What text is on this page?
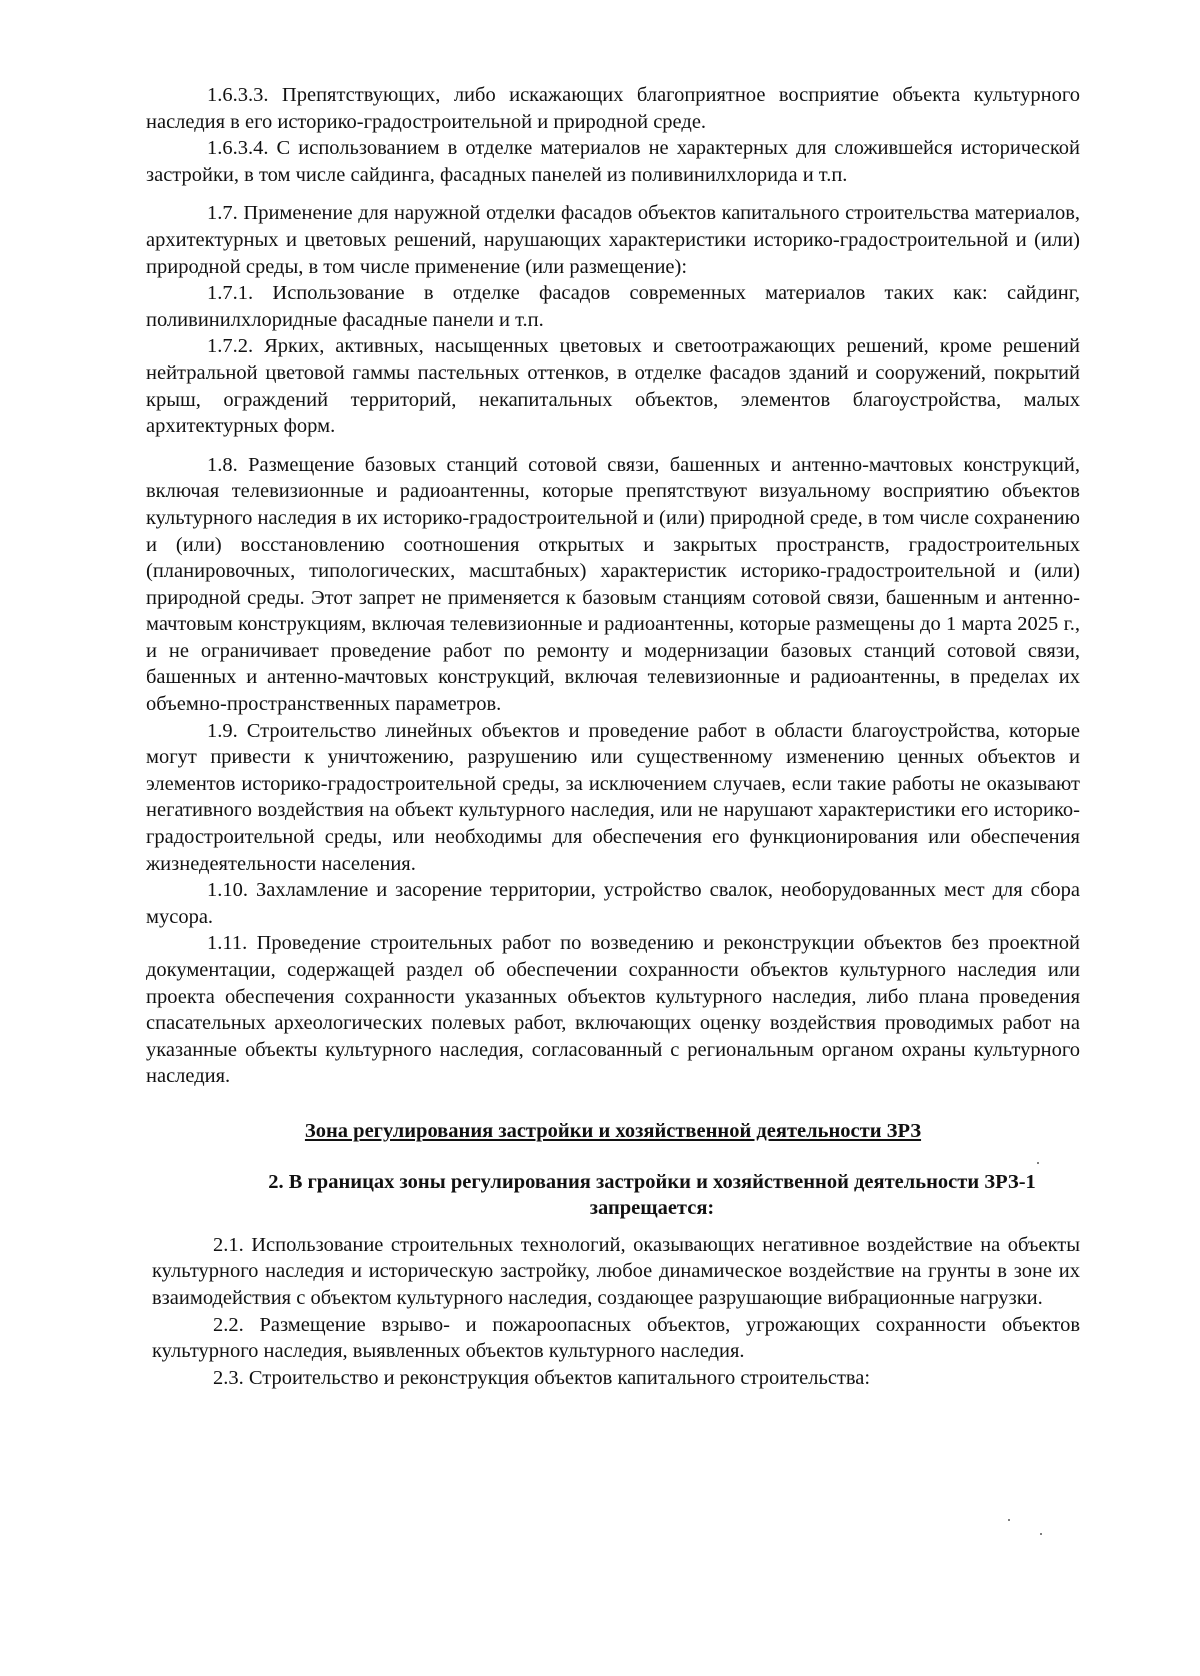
1.6.3.3. Препятствующих, либо искажающих благоприятное восприятие объекта культурного наследия в его историко-градостроительной и природной среде.

1.6.3.4. С использованием в отделке материалов не характерных для сложившейся исторической застройки, в том числе сайдинга, фасадных панелей из поливинилхлорида и т.п.

1.7. Применение для наружной отделки фасадов объектов капитального строительства материалов, архитектурных и цветовых решений, нарушающих характеристики историко-градостроительной и (или) природной среды, в том числе применение (или размещение):

1.7.1. Использование в отделке фасадов современных материалов таких как: сайдинг, поливинилхлоридные фасадные панели и т.п.

1.7.2. Ярких, активных, насыщенных цветовых и светоотражающих решений, кроме решений нейтральной цветовой гаммы пастельных оттенков, в отделке фасадов зданий и сооружений, покрытий крыш, ограждений территорий, некапитальных объектов, элементов благоустройства, малых архитектурных форм.

1.8. Размещение базовых станций сотовой связи, башенных и антенно-мачтовых конструкций, включая телевизионные и радиоантенны, которые препятствуют визуальному восприятию объектов культурного наследия в их историко-градостроительной и (или) природной среде, в том числе сохранению и (или) восстановлению соотношения открытых и закрытых пространств, градостроительных (планировочных, типологических, масштабных) характеристик историко-градостроительной и (или) природной среды. Этот запрет не применяется к базовым станциям сотовой связи, башенным и антенно-мачтовым конструкциям, включая телевизионные и радиоантенны, которые размещены до 1 марта 2025 г., и не ограничивает проведение работ по ремонту и модернизации базовых станций сотовой связи, башенных и антенно-мачтовых конструкций, включая телевизионные и радиоантенны, в пределах их объемно-пространственных параметров.

1.9. Строительство линейных объектов и проведение работ в области благоустройства, которые могут привести к уничтожению, разрушению или существенному изменению ценных объектов и элементов историко-градостроительной среды, за исключением случаев, если такие работы не оказывают негативного воздействия на объект культурного наследия, или не нарушают характеристики его историко-градостроительной среды, или необходимы для обеспечения его функционирования или обеспечения жизнедеятельности населения.

1.10. Захламление и засорение территории, устройство свалок, необорудованных мест для сбора мусора.

1.11. Проведение строительных работ по возведению и реконструкции объектов без проектной документации, содержащей раздел об обеспечении сохранности объектов культурного наследия или проекта обеспечения сохранности указанных объектов культурного наследия, либо плана проведения спасательных археологических полевых работ, включающих оценку воздействия проводимых работ на указанные объекты культурного наследия, согласованный с региональным органом охраны культурного наследия.

Зона регулирования застройки и хозяйственной деятельности ЗРЗ
2. В границах зоны регулирования застройки и хозяйственной деятельности ЗРЗ-1 запрещается:

2.1. Использование строительных технологий, оказывающих негативное воздействие на объекты культурного наследия и историческую застройку, любое динамическое воздействие на грунты в зоне их взаимодействия с объектом культурного наследия, создающее разрушающие вибрационные нагрузки.

2.2. Размещение взрыво- и пожароопасных объектов, угрожающих сохранности объектов культурного наследия, выявленных объектов культурного наследия.

2.3. Строительство и реконструкция объектов капитального строительства:
